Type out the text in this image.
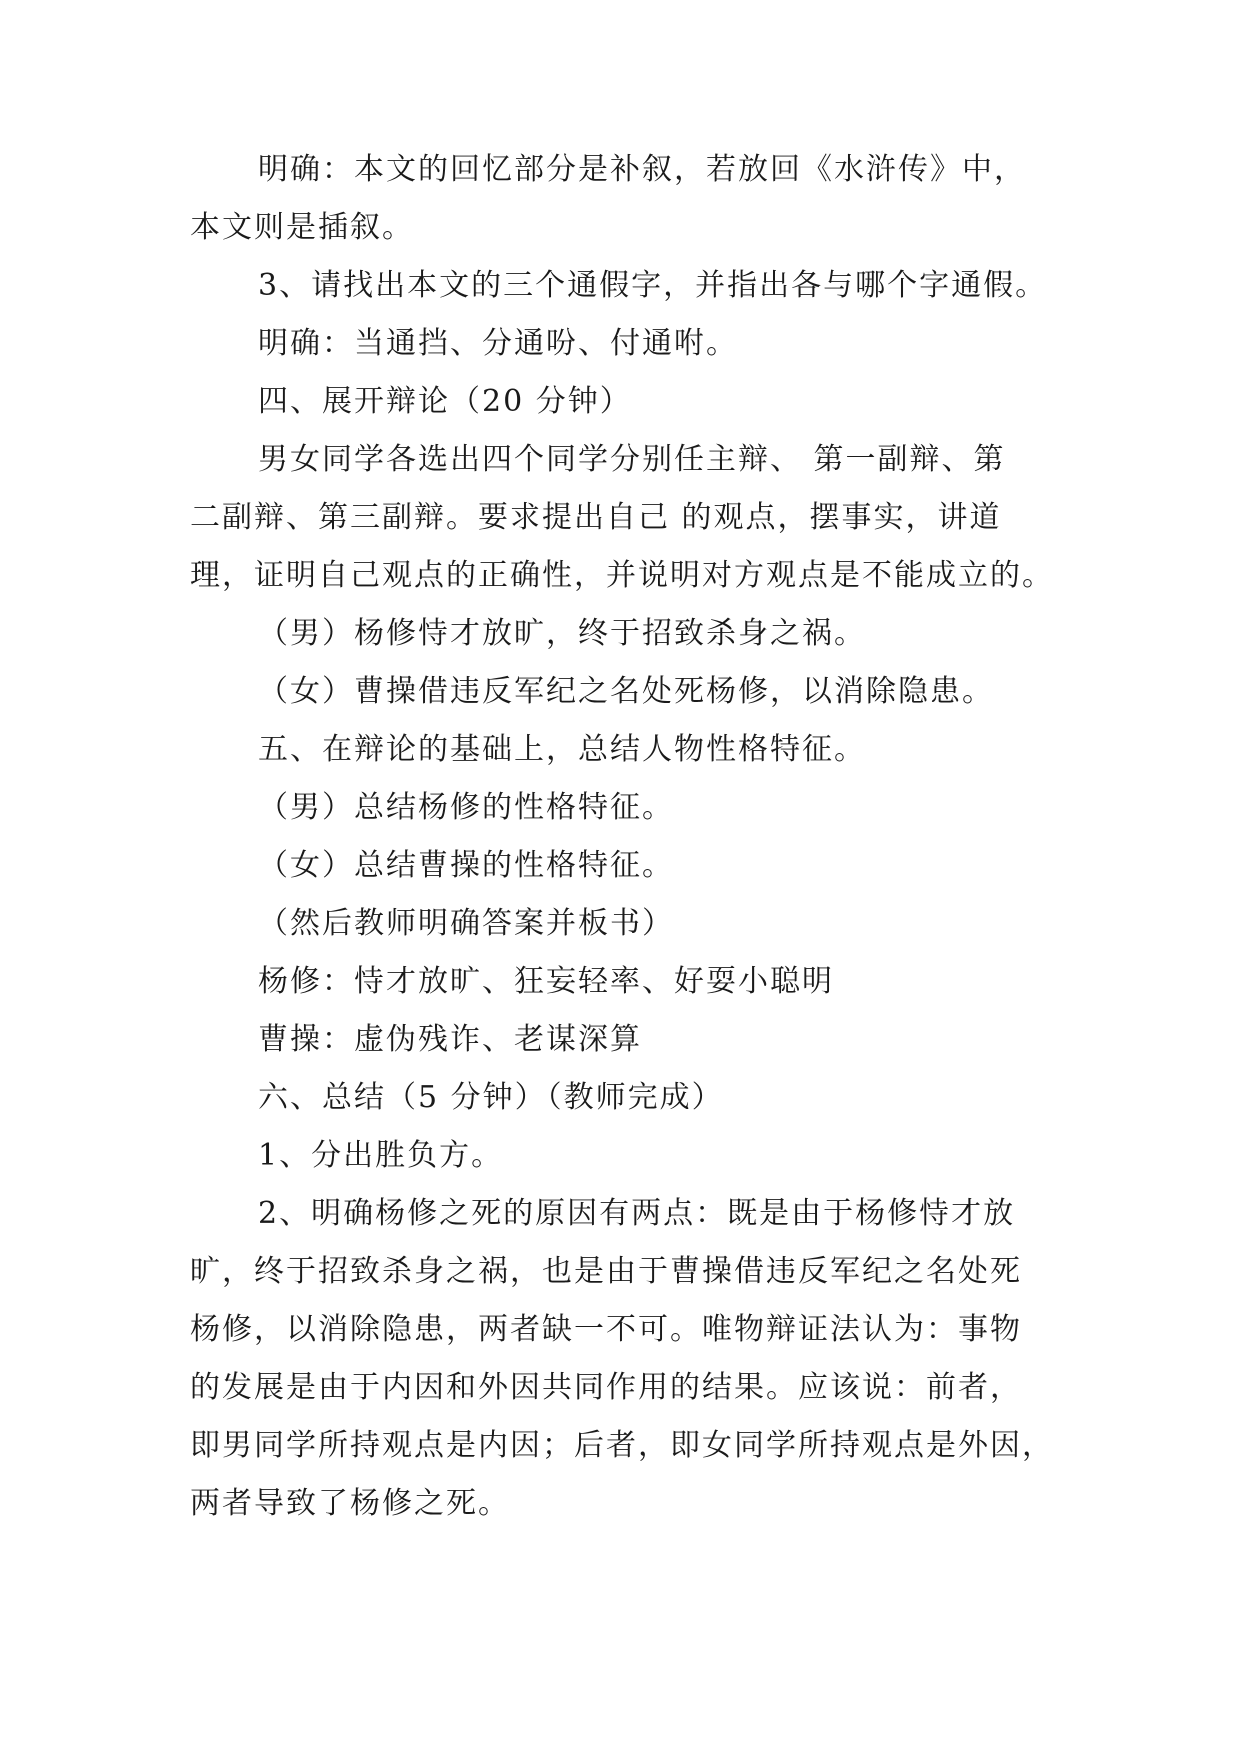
明确：本文的回忆部分是补叙，若放回《水浒传》中，
本文则是插叙。
3、请找出本文的三个通假字，并指出各与哪个字通假。
明确：当通挡、分通吩、付通咐。
四、展开辩论（20 分钟）
男女同学各选出四个同学分别任主辩、 第一副辩、第
二副辩、第三副辩。要求提出自己 的观点，摆事实，讲道
理，证明自己观点的正确性，并说明对方观点是不能成立的。
（男）杨修恃才放旷，终于招致杀身之祸。
（女）曹操借违反军纪之名处死杨修，以消除隐患。
五、在辩论的基础上，总结人物性格特征。
（男）总结杨修的性格特征。
（女）总结曹操的性格特征。
（然后教师明确答案并板书）
杨修：恃才放旷、狂妄轻率、好耍小聪明
曹操：虚伪残诈、老谋深算
六、总结（5 分钟）（教师完成）
1、分出胜负方。
2、明确杨修之死的原因有两点：既是由于杨修恃才放
旷，终于招致杀身之祸，也是由于曹操借违反军纪之名处死
杨修，以消除隐患，两者缺一不可。唯物辩证法认为：事物
的发展是由于内因和外因共同作用的结果。应该说：前者，
即男同学所持观点是内因；后者，即女同学所持观点是外因，
两者导致了杨修之死。
